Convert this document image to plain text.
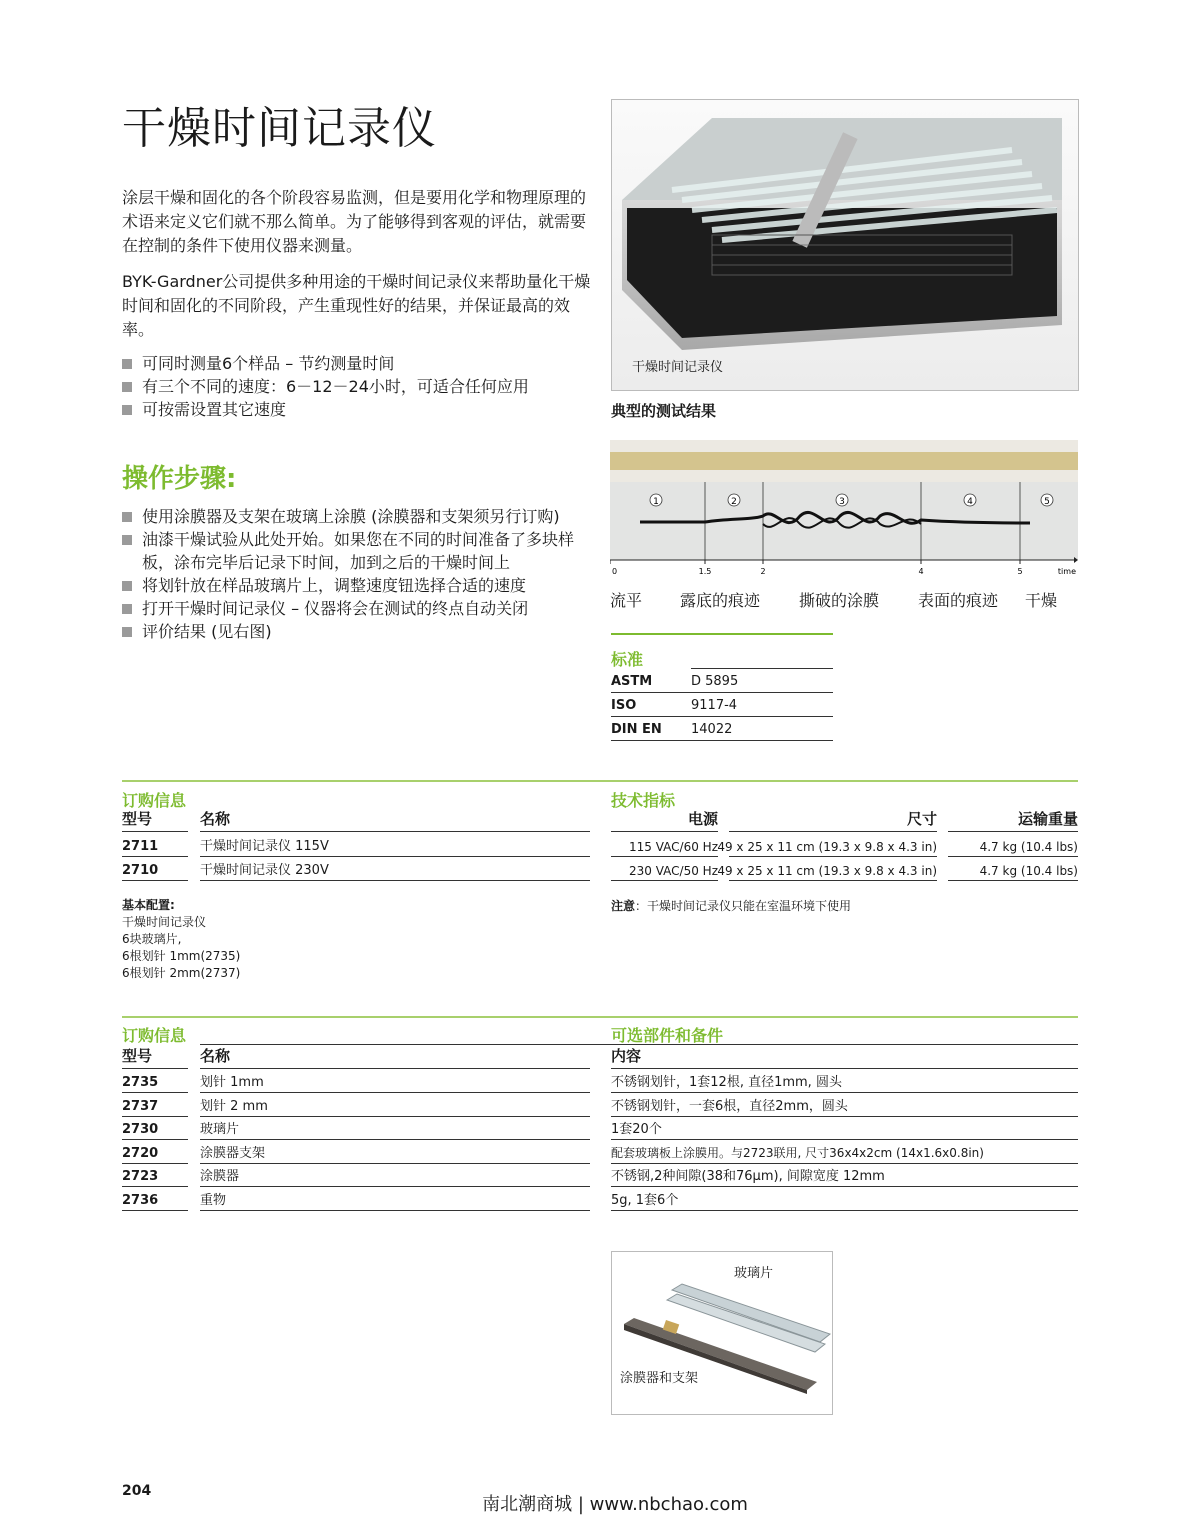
干燥时间记录仪

涂层干燥和固化的各个阶段容易监测，但是要用化学和物理原理的术语来定义它们就不那么简单。为了能够得到客观的评估，就需要在控制的条件下使用仪器来测量。

BYK-Gardner公司提供多种用途的干燥时间记录仪来帮助量化干燥时间和固化的不同阶段，产生重现性好的结果，并保证最高的效率。

可同时测量6个样品 – 节约测量时间
有三个不同的速度：6－12－24小时，可适合任何应用
可按需设置其它速度
操作步骤:
使用涂膜器及支架在玻璃上涂膜 (涂膜器和支架须另行订购)
油漆干燥试验从此处开始。如果您在不同的时间准备了多块样板，涂布完毕后记录下时间，加到之后的干燥时间上
将划针放在样品玻璃片上，调整速度钮选择合适的速度
打开干燥时间记录仪 – 仪器将会在测试的终点自动关闭
评价结果 (见右图)
干燥时间记录仪
典型的测试结果
1	2	3	4	5
0	1.5	2	4	5	time
流平 露底的痕迹 撕破的涂膜 表面的痕迹 干燥
标准
ASTM	D 5895
ISO	9117-4
DIN EN	14022
订购信息	技术指标
型号	名称
2711	干燥时间记录仪 115V
2710	干燥时间记录仪 230V
电源	尺寸	运输重量
115 VAC/60 Hz 49 x 25 x 11 cm (19.3 x 9.8 x 4.3 in)	4.7 kg (10.4 lbs)
230 VAC/50 Hz 49 x 25 x 11 cm (19.3 x 9.8 x 4.3 in)	4.7 kg (10.4 lbs)
基本配置:
干燥时间记录仪
6块玻璃片,
6根划针 1mm(2735)
6根划针 2mm(2737)
注意：干燥时间记录仪只能在室温环境下使用
订购信息	可选部件和备件
型号	名称	内容
2735	划针 1mm	不锈钢划针，1套12根, 直径1mm, 圆头
2737	划针 2 mm	不锈钢划针，一套6根，直径2mm，圆头
2730	玻璃片	1套20个
2720	涂膜器支架	配套玻璃板上涂膜用。与2723联用, 尺寸36x4x2cm (14x1.6x0.8in)
2723	涂膜器	不锈钢,2种间隙(38和76μm), 间隙宽度 12mm
2736	重物	5g, 1套6个
玻璃片
涂膜器和支架
204
南北潮商城 | www.nbchao.com
